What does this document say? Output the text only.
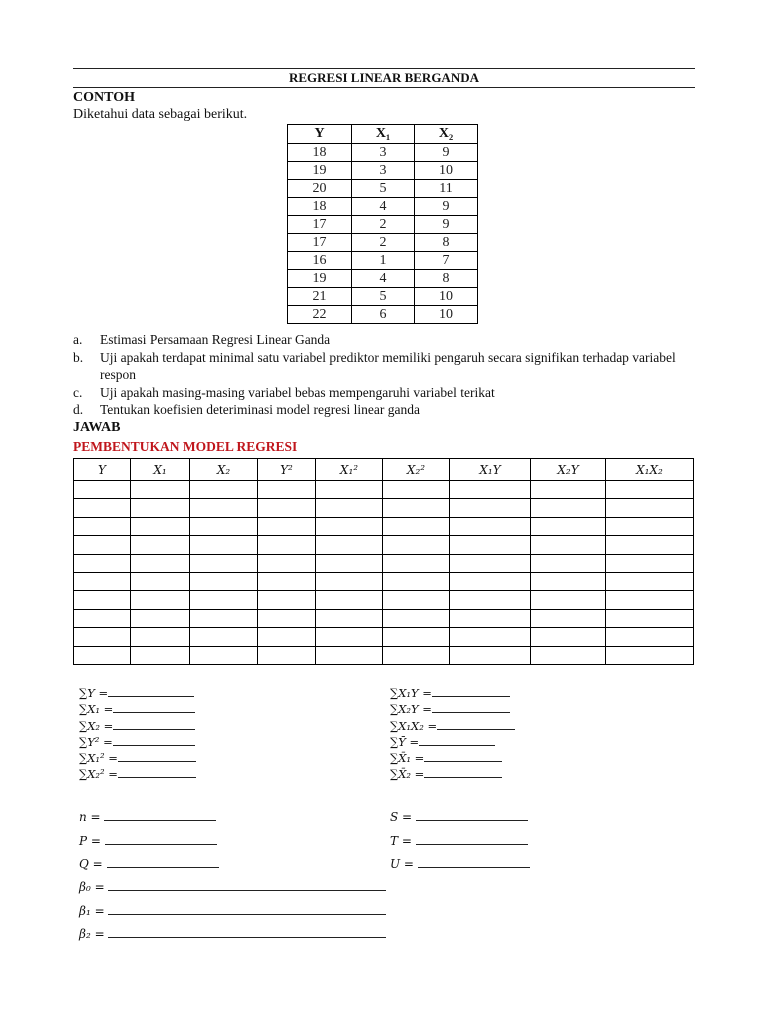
REGRESI LINEAR BERGANDA
CONTOH
Diketahui data sebagai berikut.
Y	X₁	X₂
18	3	9
19	3	10
20	5	11
18	4	9
17	2	9
17	2	8
16	1	7
19	4	8
21	5	10
22	6	10
a.	Estimasi Persamaan Regresi Linear Ganda
b.	Uji apakah terdapat minimal satu variabel prediktor memiliki pengaruh secara signifikan terhadap variabel respon
c.	Uji apakah masing-masing variabel bebas mempengaruhi variabel terikat
d.	Tentukan koefisien deteriminasi model regresi linear ganda
JAWAB
PEMBENTUKAN MODEL REGRESI
Y	X₁	X₂	Y²	X₁²	X₂²	X₁Y	X₂Y	X₁X₂

∑Y =
∑X₁ =
∑X₂ =
∑Y² =
∑X₁² =
∑X₂² =
∑X₁Y =
∑X₂Y =
∑X₁X₂ =
∑Ȳ =
∑X̄₁ =
∑X̄₂ =
n =
P =
Q =
S =
T =
U =
β₀ =
β₁ =
β₂ =
